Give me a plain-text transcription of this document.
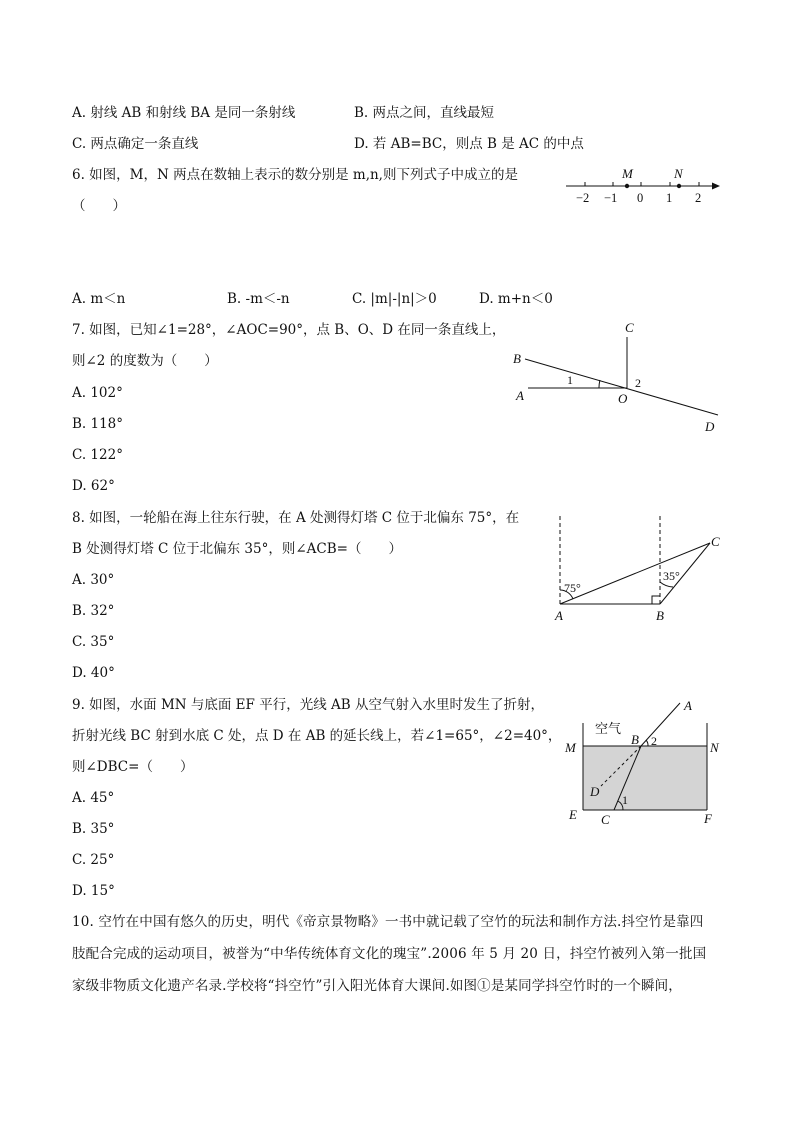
A. 射线 AB 和射线 BA 是同一条射线	B. 两点之间，直线最短
C. 两点确定一条直线	D. 若 AB=BC，则点 B 是 AC 的中点
6. 如图，M，N 两点在数轴上表示的数分别是 m,n,则下列式子中成立的是
（　　）
M	N
−2 −1 0 1 2
A. m＜n	B. -m＜-n	C. |m|-|n|＞0	D. m+n＜0
7. 如图，已知∠1=28°，∠AOC=90°，点 B、O、D 在同一条直线上，
则∠2 的度数为（　　）
A. 102°
B. 118°
C. 122°
D. 62°
C
B
A	O
D
1	2
8. 如图，一轮船在海上往东行驶，在 A 处测得灯塔 C 位于北偏东 75°，在
B 处测得灯塔 C 位于北偏东 35°，则∠ACB=（　　）
A. 30°
B. 32°
C. 35°
D. 40°
75°
35°
A	B
C
9. 如图，水面 MN 与底面 EF 平行，光线 AB 从空气射入水里时发生了折射，
折射光线 BC 射到水底 C 处，点 D 在 AB 的延长线上，若∠1=65°，∠2=40°，
则∠DBC=（　　）
A. 45°
B. 35°
C. 25°
D. 15°
空气
A
B 2
M	N
D
1
E C	F
10. 空竹在中国有悠久的历史，明代《帝京景物略》一书中就记载了空竹的玩法和制作方法.抖空竹是靠四
肢配合完成的运动项目，被誉为“中华传统体育文化的瑰宝”.2006 年 5 月 20 日，抖空竹被列入第一批国
家级非物质文化遗产名录.学校将“抖空竹”引入阳光体育大课间.如图①是某同学抖空竹时的一个瞬间，
